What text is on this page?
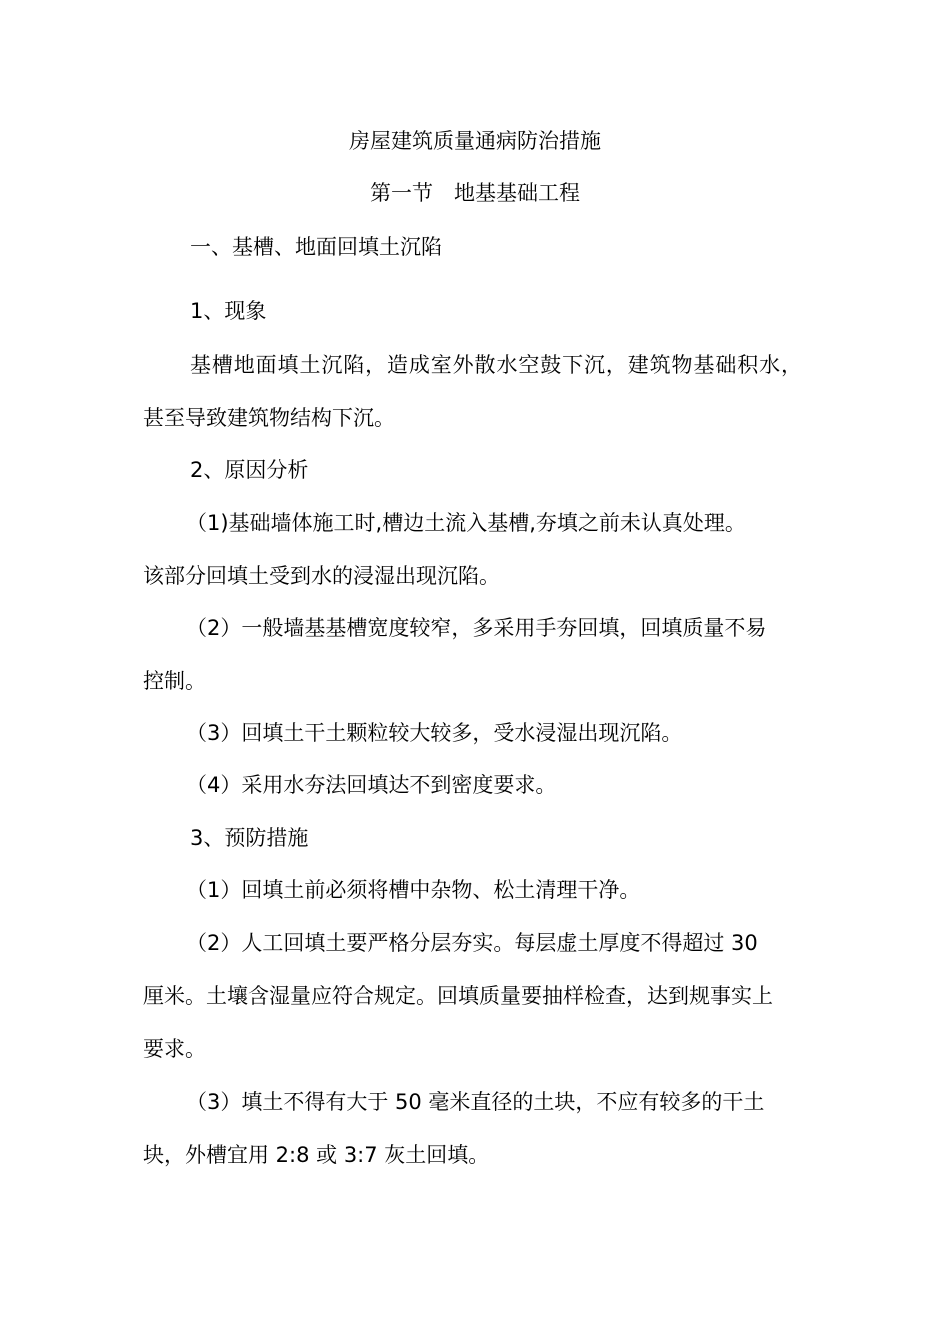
房屋建筑质量通病防治措施
第一节　地基基础工程
一、基槽、地面回填土沉陷
1、现象
基槽地面填土沉陷，造成室外散水空鼓下沉，建筑物基础积水，
甚至导致建筑物结构下沉。
2、原因分析
（1)基础墙体施工时,槽边土流入基槽,夯填之前未认真处理。
该部分回填土受到水的浸湿出现沉陷。
（2）一般墙基基槽宽度较窄，多采用手夯回填，回填质量不易
控制。
（3）回填土干土颗粒较大较多，受水浸湿出现沉陷。
（4）采用水夯法回填达不到密度要求。
3、预防措施
（1）回填土前必须将槽中杂物、松土清理干净。
（2）人工回填土要严格分层夯实。每层虚土厚度不得超过 30
厘米。土壤含湿量应符合规定。回填质量要抽样检查，达到规事实上
要求。
（3）填土不得有大于 50 毫米直径的土块，不应有较多的干土
块，外槽宜用 2:8 或 3:7 灰土回填。
